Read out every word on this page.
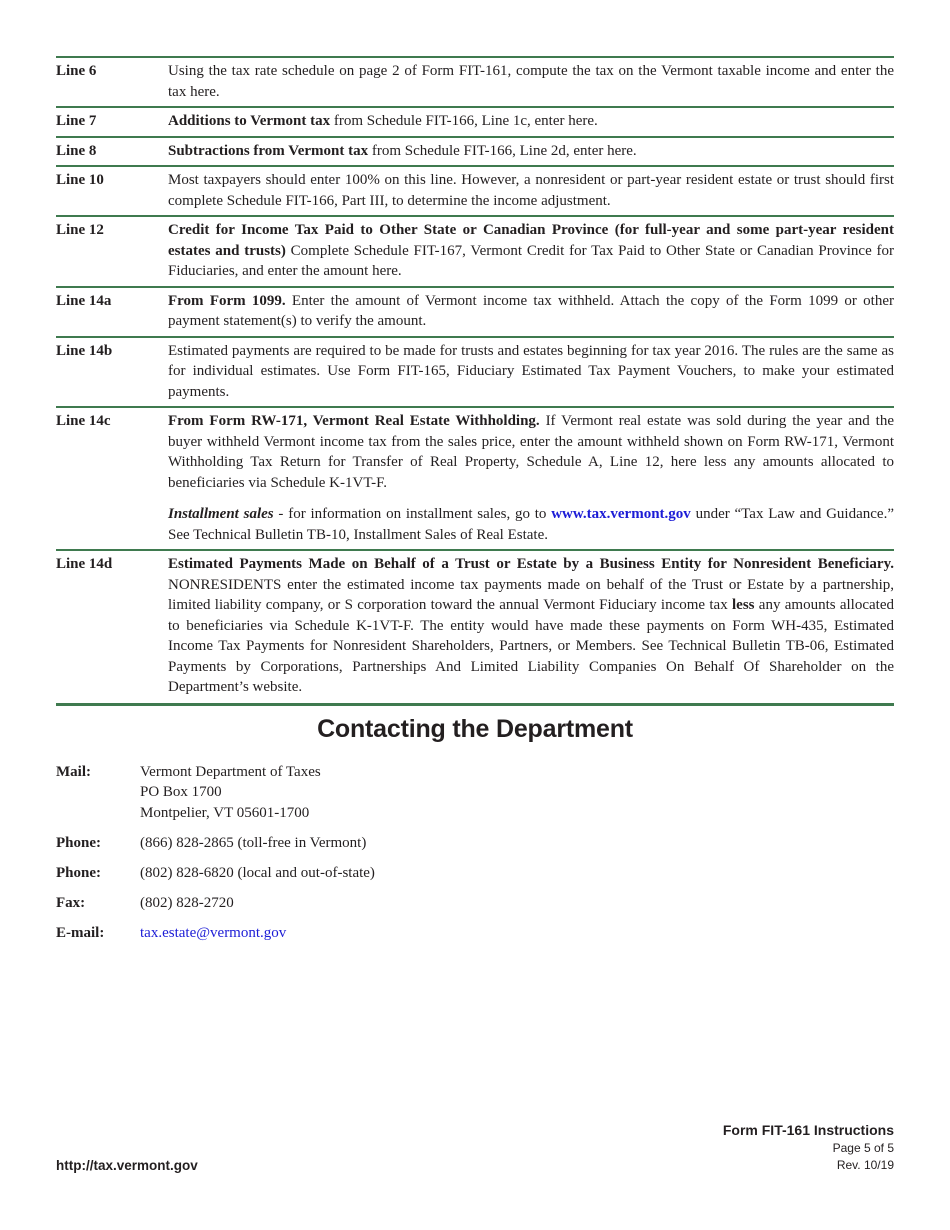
Line 6	Using the tax rate schedule on page 2 of Form FIT-161, compute the tax on the Vermont taxable income and enter the tax here.
Line 7	Additions to Vermont tax from Schedule FIT-166, Line 1c, enter here.
Line 8	Subtractions from Vermont tax from Schedule FIT-166, Line 2d, enter here.
Line 10	Most taxpayers should enter 100% on this line. However, a nonresident or part-year resident estate or trust should first complete Schedule FIT-166, Part III, to determine the income adjustment.
Line 12	Credit for Income Tax Paid to Other State or Canadian Province (for full-year and some part-year resident estates and trusts) Complete Schedule FIT-167, Vermont Credit for Tax Paid to Other State or Canadian Province for Fiduciaries, and enter the amount here.
Line 14a	From Form 1099. Enter the amount of Vermont income tax withheld. Attach the copy of the Form 1099 or other payment statement(s) to verify the amount.
Line 14b	Estimated payments are required to be made for trusts and estates beginning for tax year 2016. The rules are the same as for individual estimates. Use Form FIT-165, Fiduciary Estimated Tax Payment Vouchers, to make your estimated payments.
Line 14c	From Form RW-171, Vermont Real Estate Withholding. If Vermont real estate was sold during the year and the buyer withheld Vermont income tax from the sales price, enter the amount withheld shown on Form RW-171, Vermont Withholding Tax Return for Transfer of Real Property, Schedule A, Line 12, here less any amounts allocated to beneficiaries via Schedule K-1VT-F.

Installment sales - for information on installment sales, go to www.tax.vermont.gov under “Tax Law and Guidance.” See Technical Bulletin TB-10, Installment Sales of Real Estate.

Line 14d	Estimated Payments Made on Behalf of a Trust or Estate by a Business Entity for Nonresident Beneficiary. NONRESIDENTS enter the estimated income tax payments made on behalf of the Trust or Estate by a partnership, limited liability company, or S corporation toward the annual Vermont Fiduciary income tax less any amounts allocated to beneficiaries via Schedule K-1VT-F. The entity would have made these payments on Form WH-435, Estimated Income Tax Payments for Nonresident Shareholders, Partners, or Members. See Technical Bulletin TB-06, Estimated Payments by Corporations, Partnerships And Limited Liability Companies On Behalf Of Shareholder on the Department’s website.
Contacting the Department
Mail:	Vermont Department of Taxes
PO Box 1700
Montpelier, VT 05601-1700
Phone:	(866) 828-2865 (toll-free in Vermont)
Phone:	(802) 828-6820 (local and out-of-state)
Fax:	(802) 828-2720
E-mail:	tax.estate@vermont.gov
http://tax.vermont.gov
Form FIT-161 Instructions
Page 5 of 5
Rev. 10/19
